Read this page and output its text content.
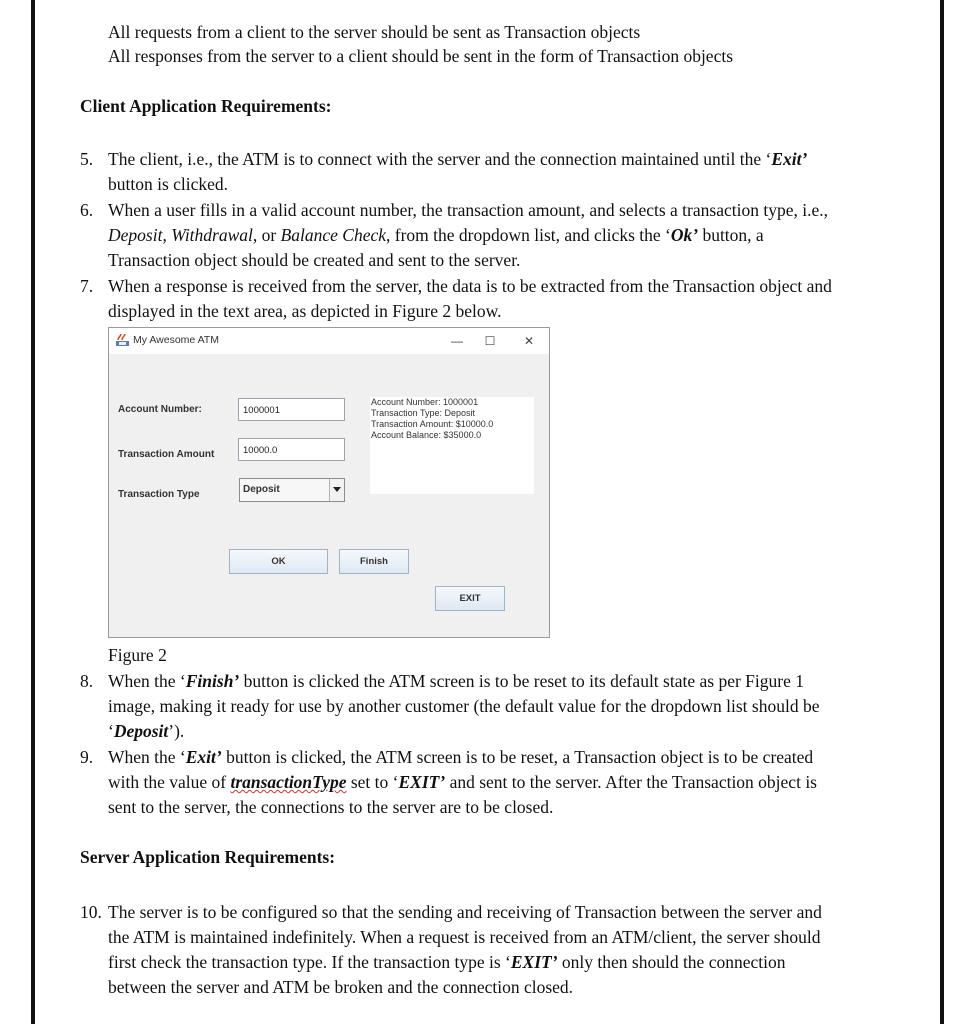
All requests from a client to the server should be sent as Transaction objects
All responses from the server to a client should be sent in the form of Transaction objects
Client Application Requirements:
5. The client, i.e., the ATM is to connect with the server and the connection maintained until the ‘Exit’
button is clicked.
6. When a user fills in a valid account number, the transaction amount, and selects a transaction type, i.e.,
Deposit, Withdrawal, or Balance Check, from the dropdown list, and clicks the ‘Ok’ button, a
Transaction object should be created and sent to the server.
7. When a response is received from the server, the data is to be extracted from the Transaction object and
displayed in the text area, as depicted in Figure 2 below.
My Awesome ATM	—	☐	✕
Account Number:	1000001
Transaction Amount	10000.0
Transaction Type	Deposit
Account Number: 1000001
Transaction Type: Deposit
Transaction Amount: $10000.0
Account Balance: $35000.0
OK	Finish
EXIT
Figure 2
8. When the ‘Finish’ button is clicked the ATM screen is to be reset to its default state as per Figure 1
image, making it ready for use by another customer (the default value for the dropdown list should be
‘Deposit’).
9. When the ‘Exit’ button is clicked, the ATM screen is to be reset, a Transaction object is to be created
with the value of transactionType set to ‘EXIT’ and sent to the server. After the Transaction object is
sent to the server, the connections to the server are to be closed.
Server Application Requirements:
10. The server is to be configured so that the sending and receiving of Transaction between the server and
the ATM is maintained indefinitely. When a request is received from an ATM/client, the server should
first check the transaction type. If the transaction type is ‘EXIT’ only then should the connection
between the server and ATM be broken and the connection closed.
